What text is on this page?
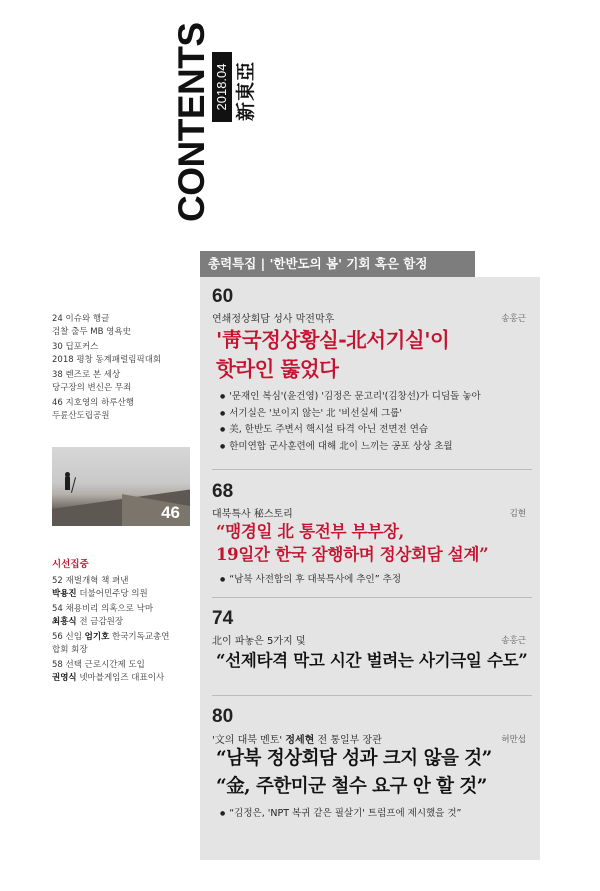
CONTENTS 2018.04 新東亞
총력특집 | '한반도의 봄' 기회 혹은 함정
60
연쇄정상회담 성사 막전막후	송홍근
'靑국정상황실-北서기실'이
핫라인 뚫었다
● '문재인 복심'(윤건영) '김정은 문고리'(김창선)가 디딤돌 놓아
● 서기실은 '보이지 않는' 北 '비선실세 그룹'
● 美, 한반도 주변서 핵시설 타격 아닌 전면전 연습
● 한미연합 군사훈련에 대해 北이 느끼는 공포 상상 초월
68
대북특사 秘스토리	김현
“맹경일 北 통전부 부부장,
19일간 한국 잠행하며 정상회담 설계”
● “남북 사전합의 후 대북특사에 추인” 추정
74
北이 파놓은 5가지 덫	송홍근
“선제타격 막고 시간 벌려는 사기극일 수도”
80
'文의 대북 멘토' 정세현 전 통일부 장관	허만섭
“남북 정상회담 성과 크지 않을 것”
“金, 주한미군 철수 요구 안 할 것”
● “김정은, 'NPT 복귀 같은 필살기' 트럼프에 제시했을 것”
24 이슈와 행글
검찰 출두 MB 영욕史
30 딥포커스
2018 평창 동계패럴림픽대회
38 렌즈로 본 세상
당구장의 변신은 무죄
46 지호영의 하루산행
두륜산도립공원
46
시선집중
52 재벌개혁 책 펴낸
박용진 더불어민주당 의원
54 채용비리 의혹으로 낙마
최흥식 전 금감원장
56 신임 엄기호 한국기독교총연
합회 회장
58 선택 근로시간제 도입
권영식 넷마블게임즈 대표이사
